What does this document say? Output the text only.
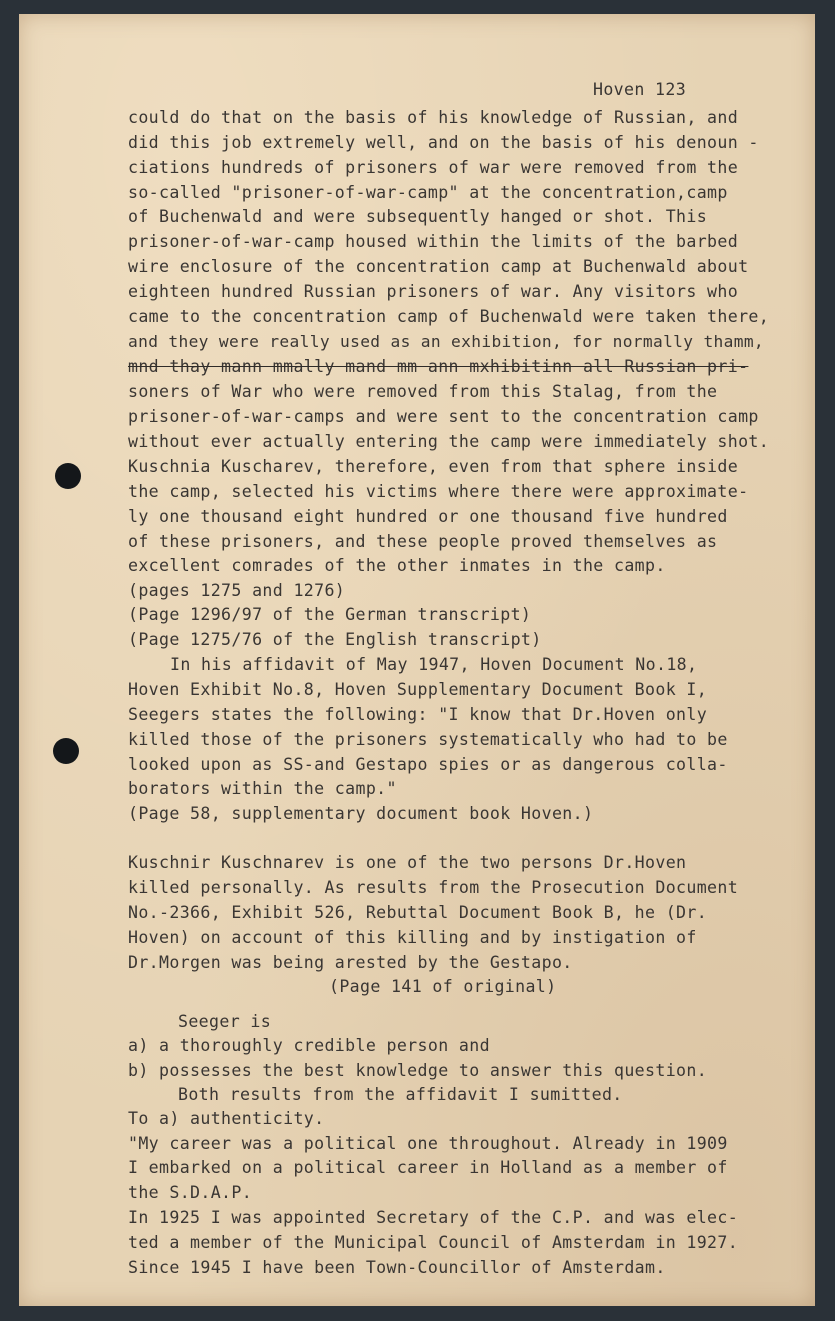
Hoven 123
could do that on the basis of his knowledge of Russian, and
did this job extremely well, and on the basis of his denoun -
ciations hundreds of prisoners of war were removed from the
so-called "prisoner-of-war-camp" at the concentration,camp
of Buchenwald and were subsequently hanged or shot. This
prisoner-of-war-camp housed within the limits of the barbed
wire enclosure of the concentration camp at Buchenwald about
eighteen hundred Russian prisoners of war. Any visitors who
came to the concentration camp of Buchenwald were taken there,
and they were really used as an exhibition, for normally thamm,
mnd thay mann mmally mand mm ann mxhibitinn all Russian pri-
soners of War who were removed from this Stalag, from the
prisoner-of-war-camps and were sent to the concentration camp
without ever actually entering the camp were immediately shot.
Kuschnia Kuscharev, therefore, even from that sphere inside
the camp, selected his victims where there were approximate-
ly one thousand eight hundred or one thousand five hundred
of these prisoners, and these people proved themselves as
excellent comrades of the other inmates in the camp.
(pages 1275 and 1276)
(Page 1296/97 of the German transcript)
(Page 1275/76 of the English transcript)
In his affidavit of May 1947, Hoven Document No.18,
Hoven Exhibit No.8, Hoven Supplementary Document Book I,
Seegers states the following: "I know that Dr.Hoven only
killed those of the prisoners systematically who had to be
looked upon as SS-and Gestapo spies or as dangerous colla-
borators within the camp."
(Page 58, supplementary document book Hoven.)
Kuschnir Kuschnarev is one of the two persons Dr.Hoven
killed personally. As results from the Prosecution Document
No.-2366, Exhibit 526, Rebuttal Document Book B, he (Dr.
Hoven) on account of this killing and by instigation of
Dr.Morgen was being arested by the Gestapo.
(Page 141 of original)
Seeger is
a) a thoroughly credible person and
b) possesses the best knowledge to answer this question.
Both results from the affidavit I sumitted.
To a) authenticity.
"My career was a political one throughout. Already in 1909
I embarked on a political career in Holland as a member of
the S.D.A.P.
In 1925 I was appointed Secretary of the C.P. and was elec-
ted a member of the Municipal Council of Amsterdam in 1927.
Since 1945 I have been Town-Councillor of Amsterdam.
